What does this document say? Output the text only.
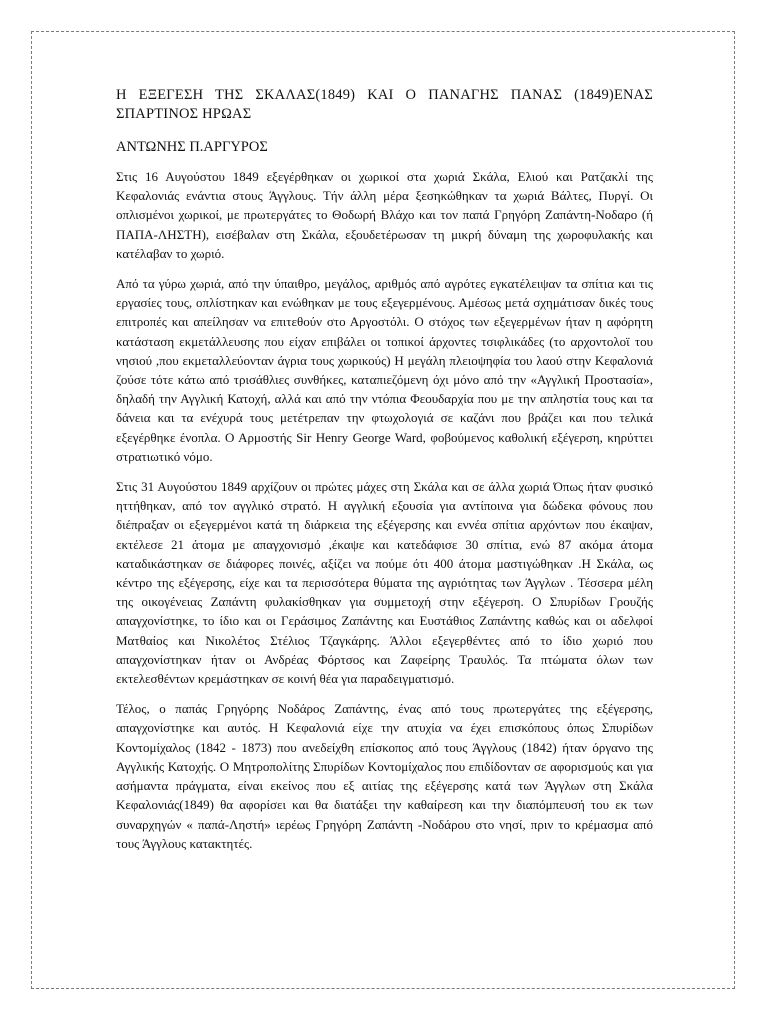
Η ΕΞΕΓΕΣΗ ΤΗΣ ΣΚΑΛΑΣ(1849) ΚΑΙ Ο ΠΑΝΑΓΗΣ ΠΑΝΑΣ (1849)ΕΝΑΣ ΣΠΑΡΤΙΝΟΣ ΗΡΩΑΣ
ΑΝΤΩΝΗΣ Π.ΑΡΓΥΡΟΣ

Στις 16 Αυγούστου 1849 εξεγέρθηκαν οι χωρικοί στα χωριά Σκάλα, Ελιού και Ρατζακλί της Κεφαλονιάς ενάντια στους Άγγλους. Τήν άλλη μέρα ξεσηκώθηκαν τα χωριά Βάλτες, Πυργί. Οι οπλισμένοι χωρικοί, με πρωτεργάτες το Θοδωρή Βλάχο και τον παπά Γρηγόρη Ζαπάντη-Νοδαρο (ή ΠΑΠΑ-ΛΗΣΤΗ), εισέβαλαν στη Σκάλα, εξουδετέρωσαν τη μικρή δύναμη της χωροφυλακής και κατέλαβαν το χωριό.

Από τα γύρω χωριά, από την ύπαιθρο, μεγάλος, αριθμός από αγρότες εγκατέλειψαν τα σπίτια και τις εργασίες τους, οπλίστηκαν και ενώθηκαν με τους εξεγερμένους. Αμέσως μετά σχημάτισαν δικές τους επιτροπές και απείλησαν να επιτεθούν στο Αργοστόλι. Ο στόχος των εξεγερμένων ήταν η αφόρητη κατάσταση εκμετάλλευσης που είχαν επιβάλει οι τοπικοί άρχοντες τσιφλικάδες (το αρχοντολοϊ του νησιού ,που εκμεταλλεύονταν άγρια τους χωρικούς) Η μεγάλη πλειοψηφία του λαού στην Κεφαλονιά ζούσε τότε κάτω από τρισάθλιες συνθήκες, καταπιεζόμενη όχι μόνο από την «Αγγλική Προστασία», δηλαδή την Αγγλική Κατοχή, αλλά και από την ντόπια Φεουδαρχία που με την απληστία τους και τα δάνεια και τα ενέχυρά τους μετέτρεπαν την φτωχολογιά σε καζάνι που βράζει και που τελικά εξεγέρθηκε ένοπλα. Ο Αρμοστής Sir Henry George Ward, φοβούμενος καθολική εξέγερση, κηρύττει στρατιωτικό νόμο.

Στις 31 Αυγούστου 1849 αρχίζουν οι πρώτες μάχες στη Σκάλα και σε άλλα χωριά Όπως ήταν φυσικό ηττήθηκαν, από τον αγγλικό στρατό. Η αγγλική εξουσία για αντίποινα για δώδεκα φόνους που διέπραξαν οι εξεγερμένοι κατά τη διάρκεια της εξέγερσης και εννέα σπίτια αρχόντων που έκαψαν, εκτέλεσε 21 άτομα με απαγχονισμό ,έκαψε και κατεδάφισε 30 σπίτια, ενώ 87 ακόμα άτομα καταδικάστηκαν σε διάφορες ποινές, αξίζει να πούμε ότι 400 άτομα μαστιγώθηκαν .Η Σκάλα, ως κέντρο της εξέγερσης, είχε και τα περισσότερα θύματα της αγριότητας των Άγγλων . Τέσσερα μέλη της οικογένειας Ζαπάντη φυλακίσθηκαν για συμμετοχή στην εξέγερση. Ο Σπυρίδων Γρουζής απαγχονίστηκε, το ίδιο και οι Γεράσιμος Ζαπάντης και Ευστάθιος Ζαπάντης καθώς και οι αδελφοί Ματθαίος και Νικολέτος Στέλιος Τζαγκάρης. Άλλοι εξεγερθέντες από το ίδιο χωριό που απαγχονίστηκαν ήταν οι Ανδρέας Φόρτσος και Ζαφείρης Τραυλός. Τα πτώματα όλων των εκτελεσθέντων κρεμάστηκαν σε κοινή θέα για παραδειγματισμό.

Τέλος, ο παπάς Γρηγόρης Νοδάρος Ζαπάντης, ένας από τους πρωτεργάτες της εξέγερσης, απαγχονίστηκε και αυτός. Η Κεφαλονιά είχε την ατυχία να έχει επισκόπους όπως Σπυρίδων Κοντομίχαλος (1842 - 1873) που ανεδείχθη επίσκοπος από τους Άγγλους (1842) ήταν όργανο της Αγγλικής Κατοχής. Ο Μητροπολίτης Σπυρίδων Κοντομίχαλος που επιδίδονταν σε αφορισμούς και για ασήμαντα πράγματα, είναι εκείνος που εξ αιτίας της εξέγερσης κατά των Άγγλων στη Σκάλα Κεφαλονιάς(1849) θα αφορίσει και θα διατάξει την καθαίρεση και την διαπόμπευσή του εκ των συναρχηγών « παπά-Ληστή» ιερέως Γρηγόρη Ζαπάντη -Νοδάρου στο νησί, πριν το κρέμασμα από τους Άγγλους κατακτητές.
